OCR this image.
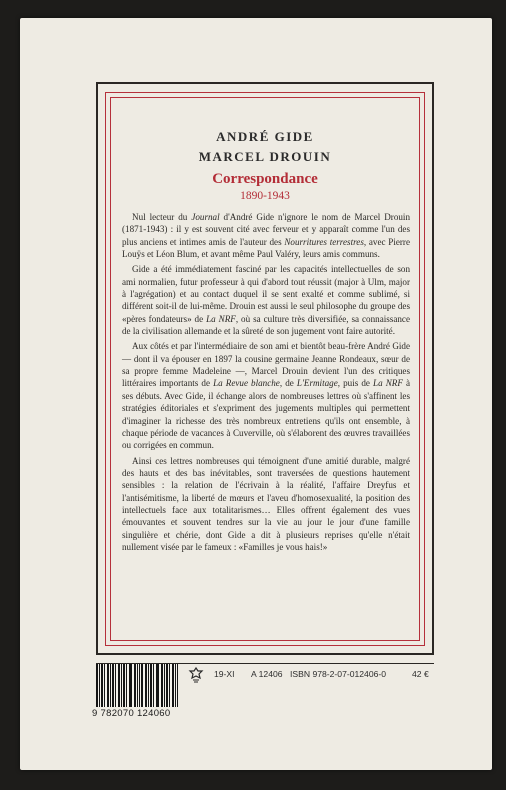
ANDRÉ GIDE
MARCEL DROUIN
Correspondance
1890-1943

Nul lecteur du Journal d'André Gide n'ignore le nom de Marcel Drouin (1871-1943) : il y est souvent cité avec ferveur et y apparaît comme l'un des plus anciens et intimes amis de l'auteur des Nourritures terrestres, avec Pierre Louÿs et Léon Blum, et avant même Paul Valéry, leurs amis communs.

Gide a été immédiatement fasciné par les capacités intellectuelles de son ami normalien, futur professeur à qui d'abord tout réussit (major à Ulm, major à l'agrégation) et au contact duquel il se sent exalté et comme sublimé, si différent soit-il de lui-même. Drouin est aussi le seul philosophe du groupe des «pères fondateurs» de La NRF, où sa culture très diversifiée, sa connaissance de la civilisation allemande et la sûreté de son jugement vont faire autorité.

Aux côtés et par l'intermédiaire de son ami et bientôt beau-frère André Gide — dont il va épouser en 1897 la cousine germaine Jeanne Rondeaux, sœur de sa propre femme Madeleine —, Marcel Drouin devient l'un des critiques littéraires importants de La Revue blanche, de L'Ermitage, puis de La NRF à ses débuts. Avec Gide, il échange alors de nombreuses lettres où s'affinent les stratégies éditoriales et s'expriment des jugements multiples qui permettent d'imaginer la richesse des très nombreux entretiens qu'ils ont ensemble, à chaque période de vacances à Cuverville, où s'élaborent des œuvres travaillées ou corrigées en commun.

Ainsi ces lettres nombreuses qui témoignent d'une amitié durable, malgré des hauts et des bas inévitables, sont traversées de questions hautement sensibles : la relation de l'écrivain à la réalité, l'affaire Dreyfus et l'antisémitisme, la liberté de mœurs et l'aveu d'homosexualité, la position des intellectuels face aux totalitarismes… Elles offrent également des vues émouvantes et souvent tendres sur la vie au jour le jour d'une famille singulière et chérie, dont Gide a dit à plusieurs reprises qu'elle n'était nullement visée par le fameux : «Familles je vous hais!»

9 782070 124060
19-XI A 12406 ISBN 978-2-07-012406-0	42 €
